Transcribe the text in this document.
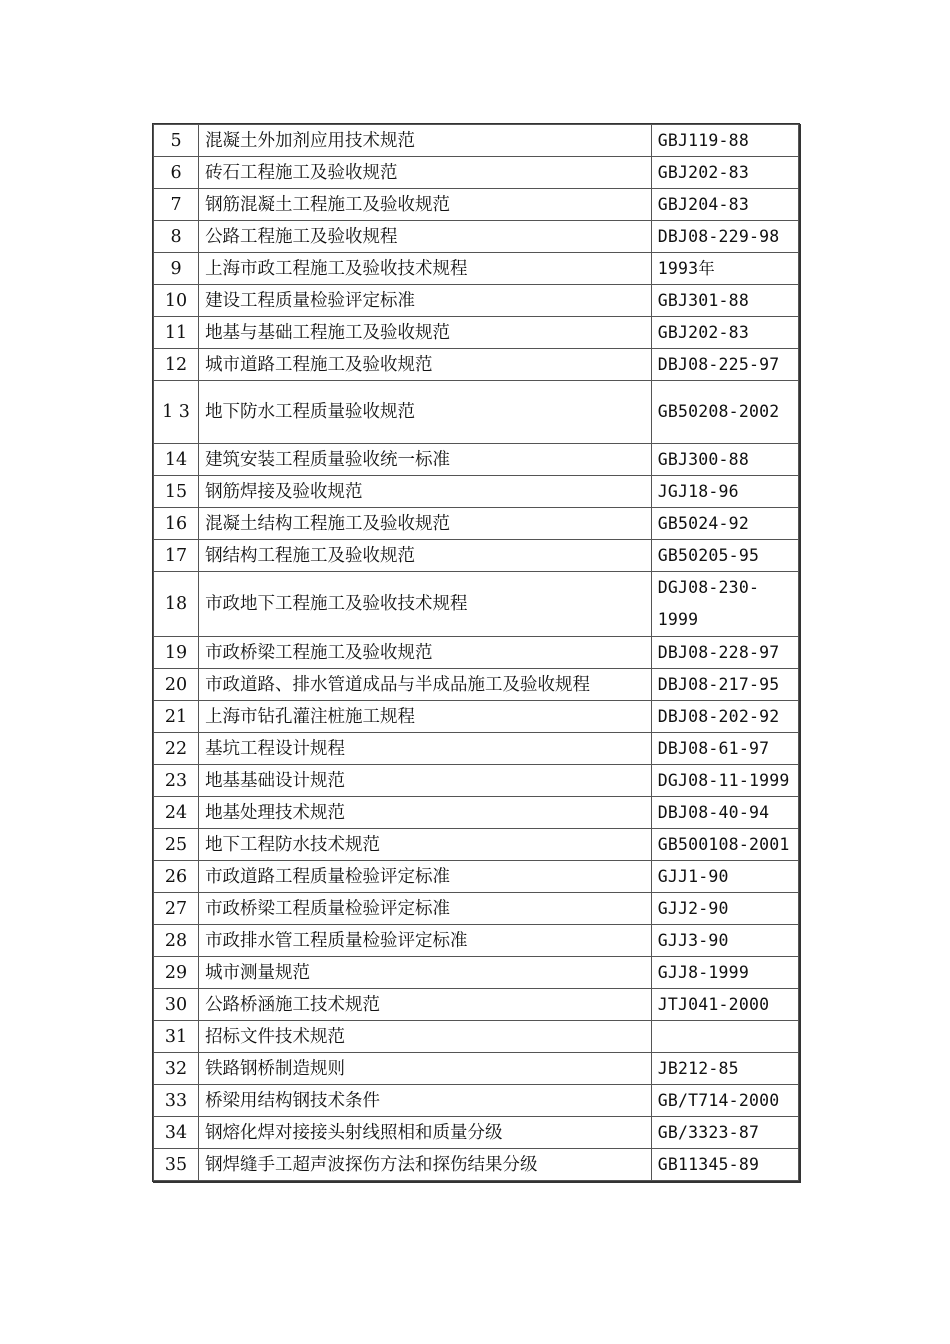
5	混凝土外加剂应用技术规范	GBJ119-88
6	砖石工程施工及验收规范	GBJ202-83
7	钢筋混凝土工程施工及验收规范	GBJ204-83
8	公路工程施工及验收规程	DBJ08-229-98
9	上海市政工程施工及验收技术规程	1993年
10	建设工程质量检验评定标准	GBJ301-88
11	地基与基础工程施工及验收规范	GBJ202-83
12	城市道路工程施工及验收规范	DBJ08-225-97
1 3	地下防水工程质量验收规范	GB50208-2002
14	建筑安装工程质量验收统一标准	GBJ300-88
15	钢筋焊接及验收规范	JGJ18-96
16	混凝土结构工程施工及验收规范	GB5024-92
17	钢结构工程施工及验收规范	GB50205-95
18	市政地下工程施工及验收技术规程	DGJ08-230-1999
19	市政桥梁工程施工及验收规范	DBJ08-228-97
20	市政道路、排水管道成品与半成品施工及验收规程	DBJ08-217-95
21	上海市钻孔灌注桩施工规程	DBJ08-202-92
22	基坑工程设计规程	DBJ08-61-97
23	地基基础设计规范	DGJ08-11-1999
24	地基处理技术规范	DBJ08-40-94
25	地下工程防水技术规范	GB500108-2001
26	市政道路工程质量检验评定标准	GJJ1-90
27	市政桥梁工程质量检验评定标准	GJJ2-90
28	市政排水管工程质量检验评定标准	GJJ3-90
29	城市测量规范	GJJ8-1999
30	公路桥涵施工技术规范	JTJ041-2000
31	招标文件技术规范	
32	铁路钢桥制造规则	JB212-85
33	桥梁用结构钢技术条件	GB/T714-2000
34	钢熔化焊对接接头射线照相和质量分级	GB/3323-87
35	钢焊缝手工超声波探伤方法和探伤结果分级	GB11345-89
